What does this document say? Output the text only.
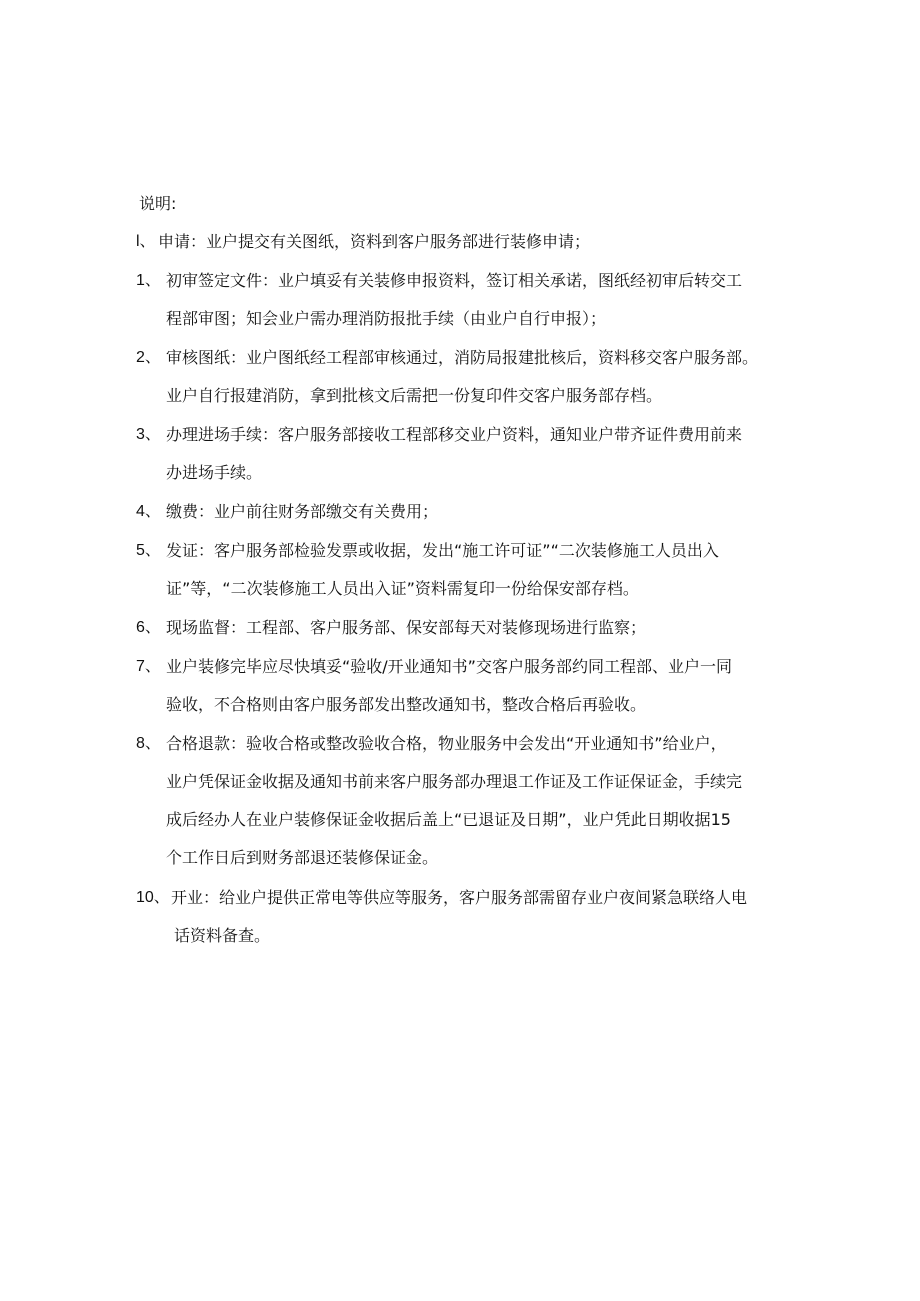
说明:
l、 申请：业户提交有关图纸，资料到客户服务部进行装修申请；
1、 初审签定文件：业户填妥有关装修申报资料，签订相关承诺，图纸经初审后转交工
程部审图；知会业户需办理消防报批手续（由业户自行申报）；
2、 审核图纸：业户图纸经工程部审核通过，消防局报建批核后，资料移交客户服务部。
业户自行报建消防，拿到批核文后需把一份复印件交客户服务部存档。
3、 办理进场手续：客户服务部接收工程部移交业户资料，通知业户带齐证件费用前来
办进场手续。
4、 缴费：业户前往财务部缴交有关费用；
5、 发证：客户服务部检验发票或收据，发出“施工许可证”“二次装修施工人员出入
证”等，“二次装修施工人员出入证”资料需复印一份给保安部存档。
6、 现场监督：工程部、客户服务部、保安部每天对装修现场进行监察；
7、 业户装修完毕应尽快填妥“验收/开业通知书”交客户服务部约同工程部、业户一同
验收，不合格则由客户服务部发出整改通知书，整改合格后再验收。
8、 合格退款：验收合格或整改验收合格，物业服务中会发出“开业通知书”给业户，
业户凭保证金收据及通知书前来客户服务部办理退工作证及工作证保证金，手续完
成后经办人在业户装修保证金收据后盖上“已退证及日期”，业户凭此日期收据15
个工作日后到财务部退还装修保证金。
10、 开业：给业户提供正常电等供应等服务，客户服务部需留存业户夜间紧急联络人电
话资料备查。
